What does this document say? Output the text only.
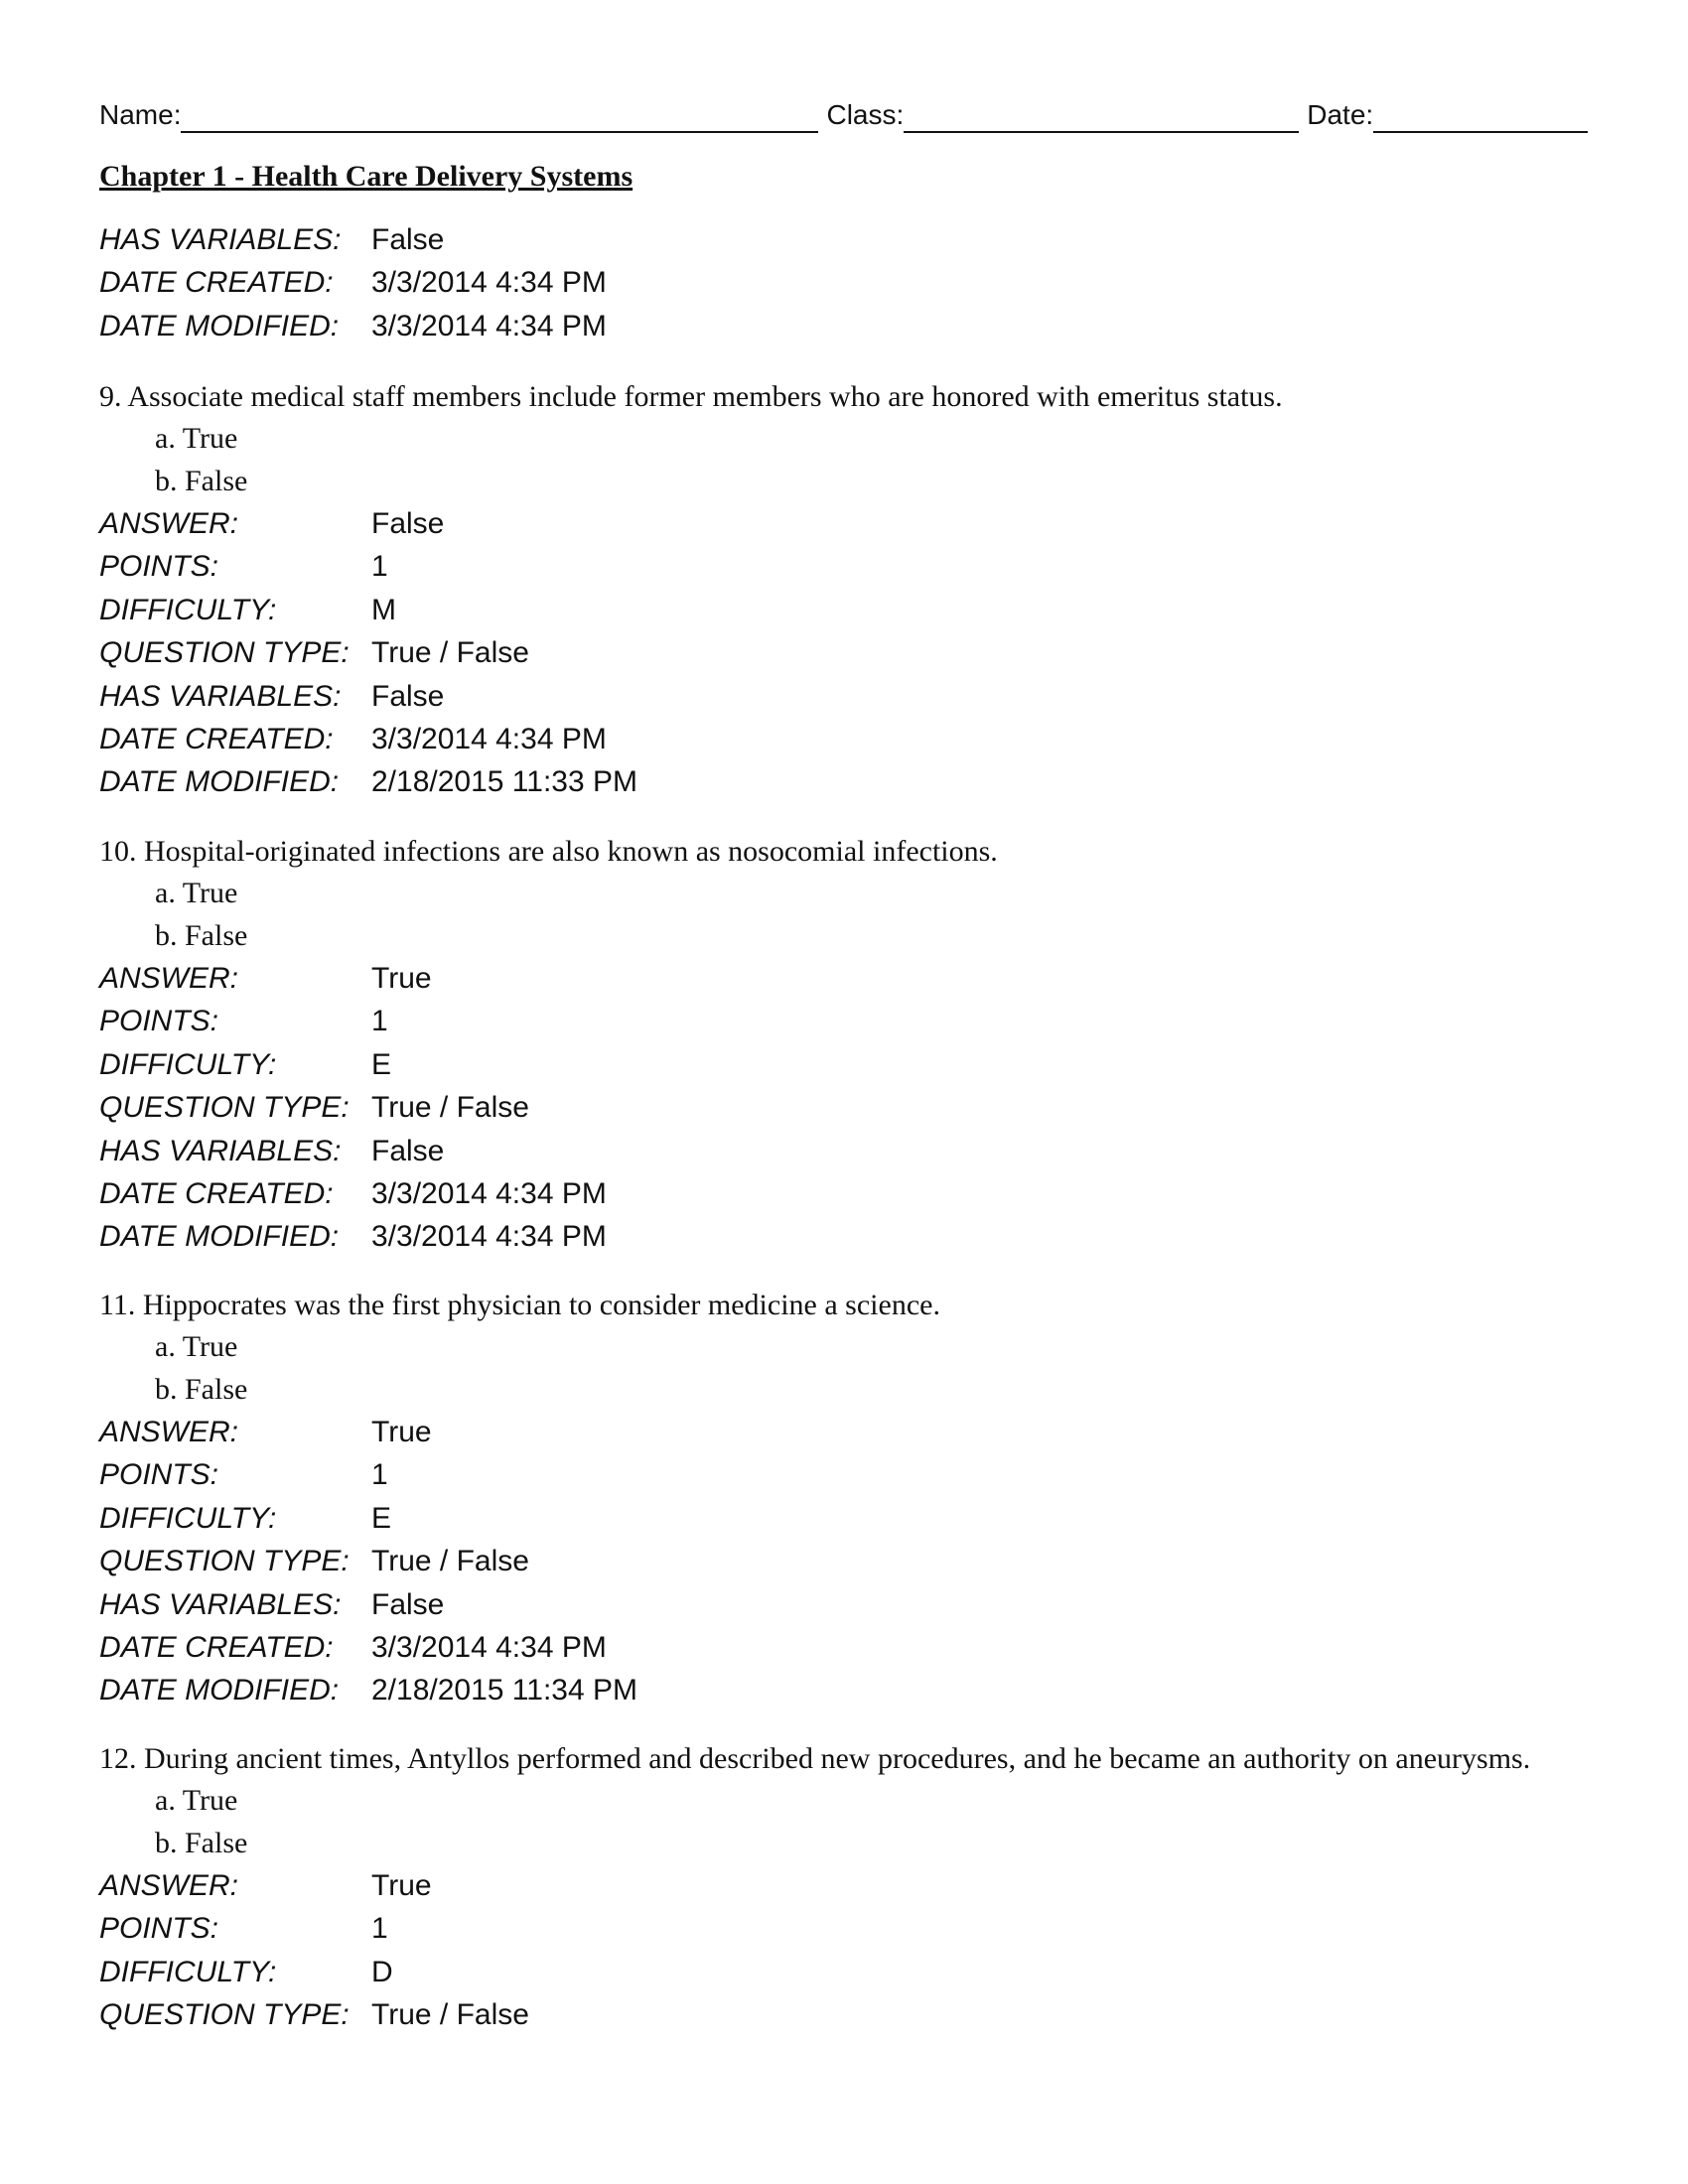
Name:	Class:	Date:
Chapter 1 - Health Care Delivery Systems
HAS VARIABLES:	False
DATE CREATED:	3/3/2014 4:34 PM
DATE MODIFIED:	3/3/2014 4:34 PM
9. Associate medical staff members include former members who are honored with emeritus status.
a. True
b. False
ANSWER:	False
POINTS:	1
DIFFICULTY:	M
QUESTION TYPE: True / False
HAS VARIABLES:	False
DATE CREATED:	3/3/2014 4:34 PM
DATE MODIFIED:	2/18/2015 11:33 PM
10. Hospital-originated infections are also known as nosocomial infections.
a. True
b. False
ANSWER:	True
POINTS:	1
DIFFICULTY:	E
QUESTION TYPE: True / False
HAS VARIABLES:	False
DATE CREATED:	3/3/2014 4:34 PM
DATE MODIFIED:	3/3/2014 4:34 PM
11. Hippocrates was the first physician to consider medicine a science.
a. True
b. False
ANSWER:	True
POINTS:	1
DIFFICULTY:	E
QUESTION TYPE: True / False
HAS VARIABLES:	False
DATE CREATED:	3/3/2014 4:34 PM
DATE MODIFIED:	2/18/2015 11:34 PM
12. During ancient times, Antyllos performed and described new procedures, and he became an authority on aneurysms.
a. True
b. False
ANSWER:	True
POINTS:	1
DIFFICULTY:	D
QUESTION TYPE: True / False
